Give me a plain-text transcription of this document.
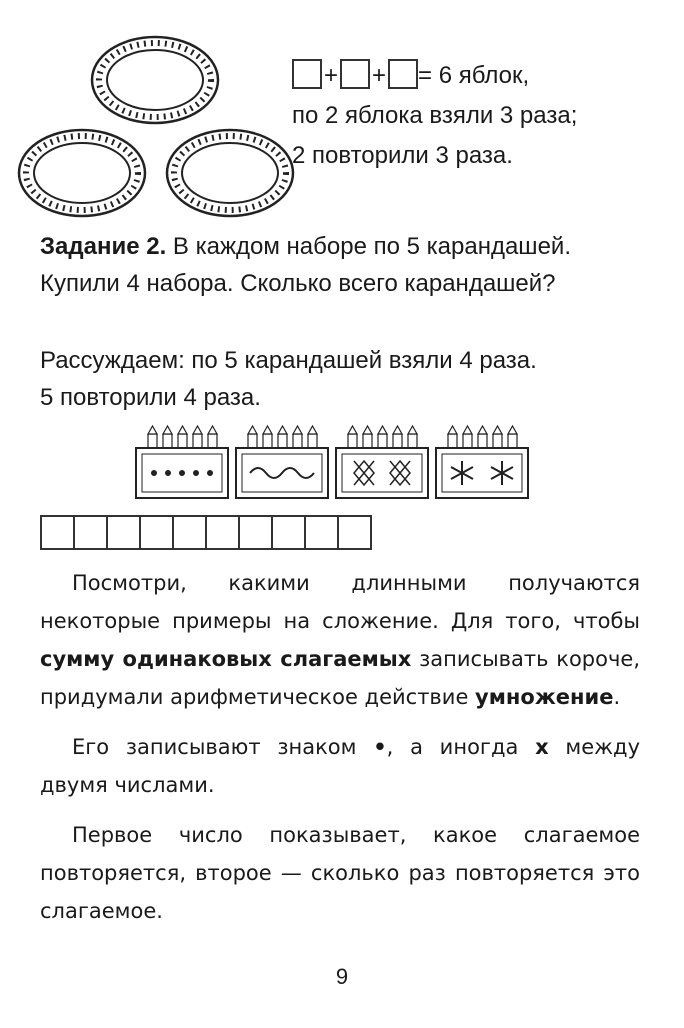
+ + = 6 яблок,
по 2 яблока взяли 3 раза;
2 повторили 3 раза.
Задание 2. В каждом наборе по 5 карандашей. Купили 4 набора. Сколько всего карандашей?
Рассуждаем: по 5 карандашей взяли 4 раза.
5 повторили 4 раза.

Посмотри, какими длинными получаются некоторые примеры на сложение. Для того, чтобы сумму одинаковых слагаемых записывать короче, придумали арифметическое действие умножение.

Его записывают знаком •, а иногда х между двумя числами.

Первое число показывает, какое слагаемое повторяется, второе — сколько раз повторяется это слагаемое.

9
